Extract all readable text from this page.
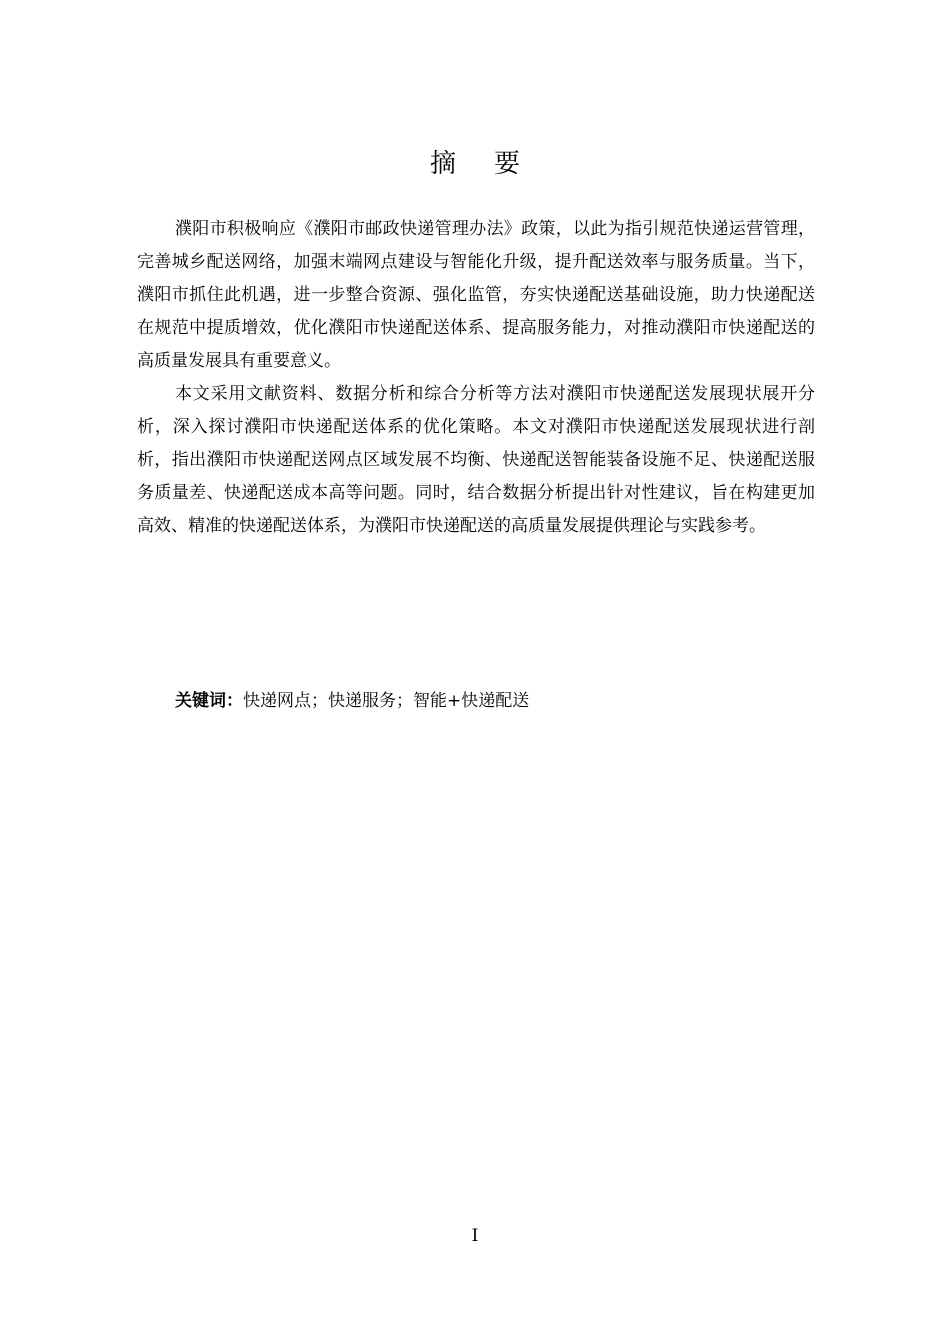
摘 要

濮阳市积极响应《濮阳市邮政快递管理办法》政策，以此为指引规范快递运营管理，完善城乡配送网络，加强末端网点建设与智能化升级，提升配送效率与服务质量。当下，濮阳市抓住此机遇，进一步整合资源、强化监管，夯实快递配送基础设施，助力快递配送在规范中提质增效，优化濮阳市快递配送体系、提高服务能力，对推动濮阳市快递配送的高质量发展具有重要意义。

本文采用文献资料、数据分析和综合分析等方法对濮阳市快递配送发展现状展开分析，深入探讨濮阳市快递配送体系的优化策略。本文对濮阳市快递配送发展现状进行剖析，指出濮阳市快递配送网点区域发展不均衡、快递配送智能装备设施不足、快递配送服务质量差、快递配送成本高等问题。同时，结合数据分析提出针对性建议，旨在构建更加高效、精准的快递配送体系，为濮阳市快递配送的高质量发展提供理论与实践参考。

关键词：快递网点；快递服务；智能+快递配送
I
